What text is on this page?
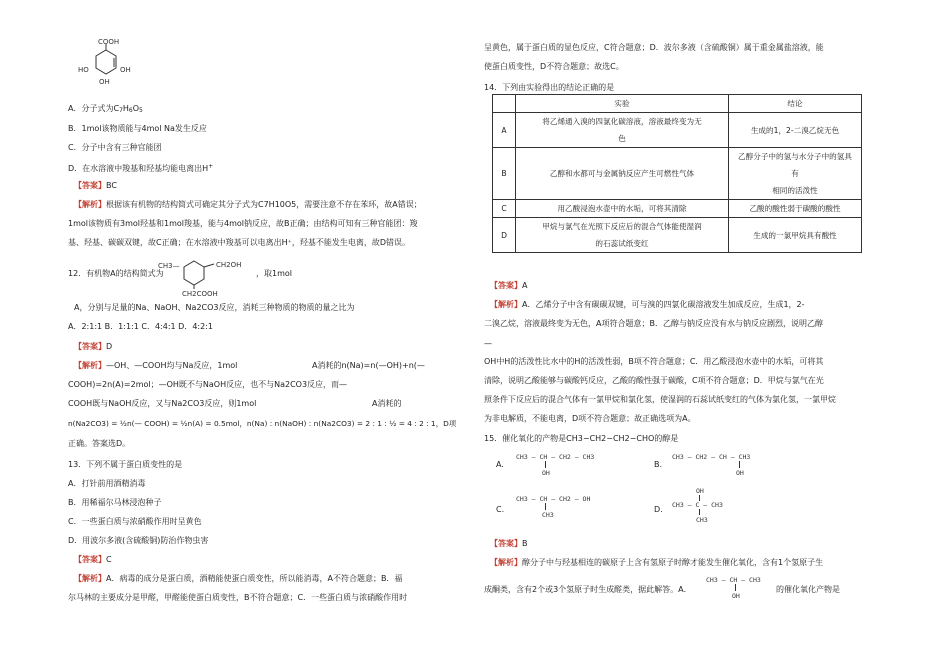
COOH
HO	OH
OH
A．分子式为C7H6O5
B．1mol该物质能与4mol Na发生反应
C．分子中含有三种官能团
D．在水溶液中羧基和羟基均能电离出H+
【答案】BC
【解析】根据该有机物的结构简式可确定其分子式为C7H10O5，需要注意不存在苯环，故A错误；
1mol该物质有3mol羟基和1mol羧基，能与4mol钠反应，故B正确；由结构可知有三种官能团：羧
基、羟基、碳碳双键，故C正确；在水溶液中羧基可以电离出H⁺，羟基不能发生电离，故D错误。
12．有机物A的结构简式为
CH3—	CH2OH
CH2COOH
，取1mol
A，分别与足量的Na、NaOH、Na2CO3反应，消耗三种物质的物质的量之比为
A．2:1:1 B．1:1:1 C．4:4:1 D．4:2:1
【答案】D
【解析】—OH、—COOH均与Na反应，1mol	A消耗的n(Na)=n(—OH)+n(—
COOH)=2n(A)=2mol；—OH既不与NaOH反应，也不与Na2CO3反应，而—
COOH既与NaOH反应，又与Na2CO3反应，则1mol	A消耗的
n(Na2CO3) = ½n(— COOH) = ½n(A) = 0.5mol，n(Na) : n(NaOH) : n(Na2CO3) = 2 : 1 : ½ = 4 : 2 : 1，D项
正确。答案选D。
13．下列不属于蛋白质变性的是
A．打针前用酒精消毒
B．用稀福尔马林浸泡种子
C．一些蛋白质与浓硝酸作用时呈黄色
D．用波尔多液(含硫酸铜)防治作物虫害
【答案】C
【解析】A．病毒的成分是蛋白质，酒精能使蛋白质变性，所以能消毒，A不符合题意；B．福
尔马林的主要成分是甲醛，甲醛能使蛋白质变性，B不符合题意；C．一些蛋白质与浓硝酸作用时
呈黄色，属于蛋白质的显色反应，C符合题意；D．波尔多液（含硫酸铜）属于重金属盐溶液，能
使蛋白质变性，D不符合题意；故选C。
14．下列由实验得出的结论正确的是
	实验	结论
A	将乙烯通入溴的四氯化碳溶液，溶液最终变为无
色	生成的1，2-二溴乙烷无色
B	乙醇和水都可与金属钠反应产生可燃性气体	乙醇分子中的氢与水分子中的氢具有
相同的活泼性

C	用乙酸浸泡水壶中的水垢，可将其清除	乙酸的酸性弱于碳酸的酸性
D	甲烷与氯气在光照下反应后的混合气体能使湿润
的石蕊试纸变红	生成的一氯甲烷具有酸性
【答案】A
【解析】A．乙烯分子中含有碳碳双键，可与溴的四氯化碳溶液发生加成反应，生成1，2-
二溴乙烷，溶液最终变为无色，A项符合题意；B．乙醇与钠反应没有水与钠反应剧烈，说明乙醇
—
OH中H的活泼性比水中的H的活泼性弱，B项不符合题意；C．用乙酸浸泡水壶中的水垢，可将其
清除，说明乙酸能够与碳酸钙反应，乙酸的酸性强于碳酸，C项不符合题意；D．甲烷与氯气在光
照条件下反应后的混合气体有一氯甲烷和氯化氢，使湿润的石蕊试纸变红的气体为氯化氢，一氯甲烷
为非电解质，不能电离，D项不符合题意；故正确选项为A。
15．催化氧化的产物是CH3−CH2−CH2−CHO的醇是
A.
CH3 — CH — CH2 — CH3
OH
B.
CH3 — CH2 — CH — CH3
OH
C.
CH3 — CH — CH2 — OH
CH3
D.
OH
CH3 — C — CH3
CH3
【答案】B
【解析】醇分子中与羟基相连的碳原子上含有氢原子时醇才能发生催化氧化，含有1个氢原子生
成酮类，含有2个或3个氢原子时生成醛类，据此解答。A．
CH3 — CH — CH3
OH
的催化氧化产物是
